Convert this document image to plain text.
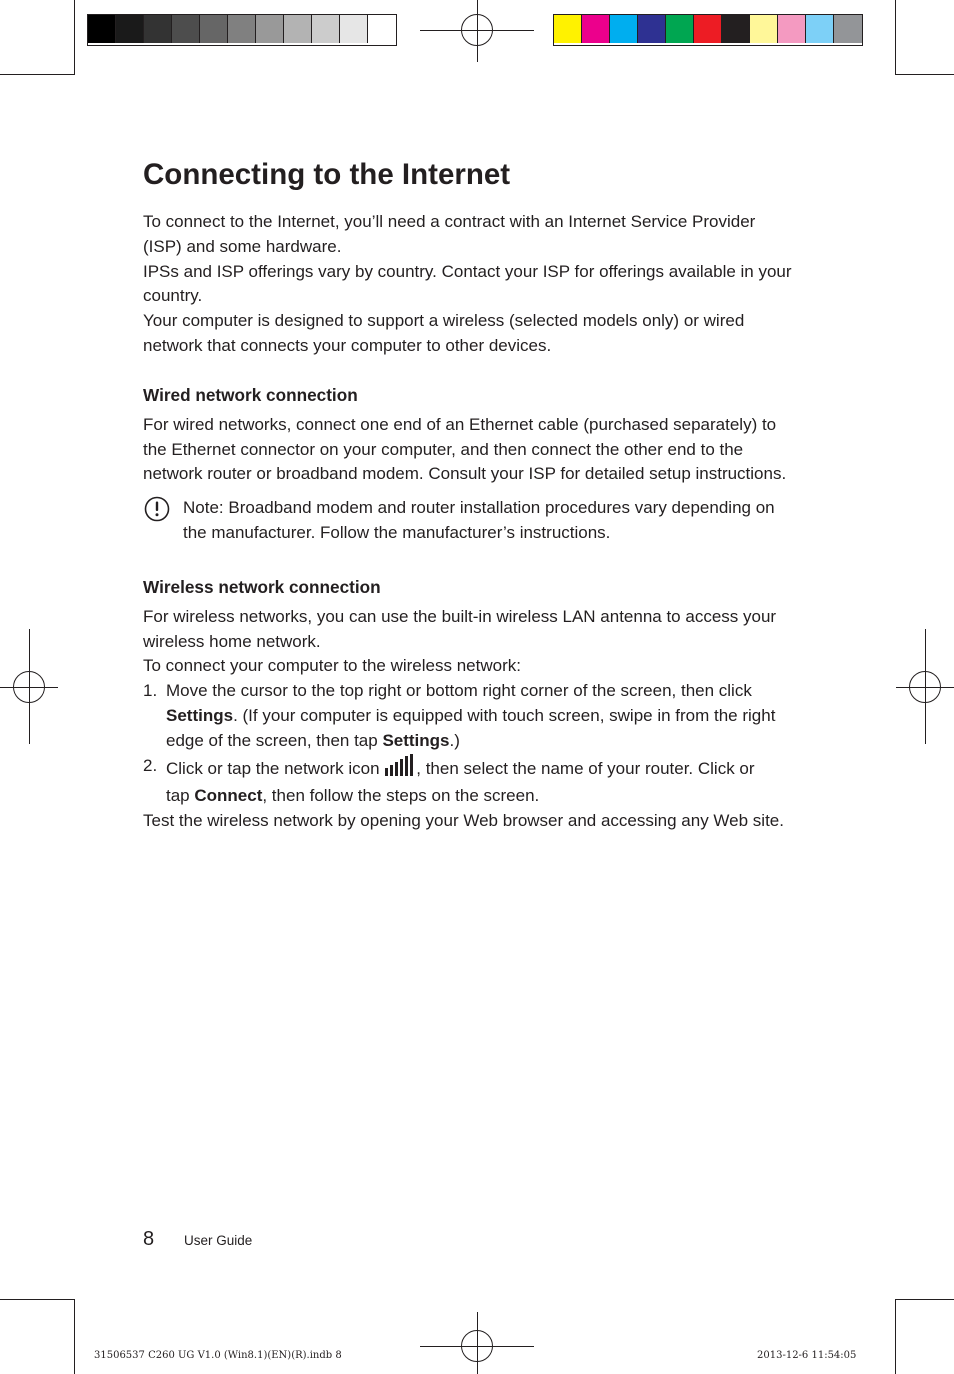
Connecting to the Internet

To connect to the Internet, you’ll need a contract with an Internet Service Provider (ISP) and some hardware.

IPSs and ISP offerings vary by country. Contact your ISP for offerings available in your country.

Your computer is designed to support a wireless (selected models only) or wired network that connects your computer to other devices.

Wired network connection

For wired networks, connect one end of an Ethernet cable (purchased separately) to the Ethernet connector on your computer, and then connect the other end to the network router or broadband modem. Consult your ISP for detailed setup instructions.

Note: Broadband modem and router installation procedures vary depending on the manufacturer. Follow the manufacturer’s instructions.
Wireless network connection

For wireless networks, you can use the built-in wireless LAN antenna to access your wireless home network.

To connect your computer to the wireless network:

1. Move the cursor to the top right or bottom right corner of the screen, then click Settings. (If your computer is equipped with touch screen, swipe in from the right edge of the screen, then tap Settings.)
2. Click or tap the network icon , then select the name of your router. Click or
tap Connect, then follow the steps on the screen.

Test the wireless network by opening your Web browser and accessing any Web site.

8 User Guide
31506537 C260 UG V1.0 (Win8.1)(EN)(R).indb 8	2013-12-6 11:54:05
